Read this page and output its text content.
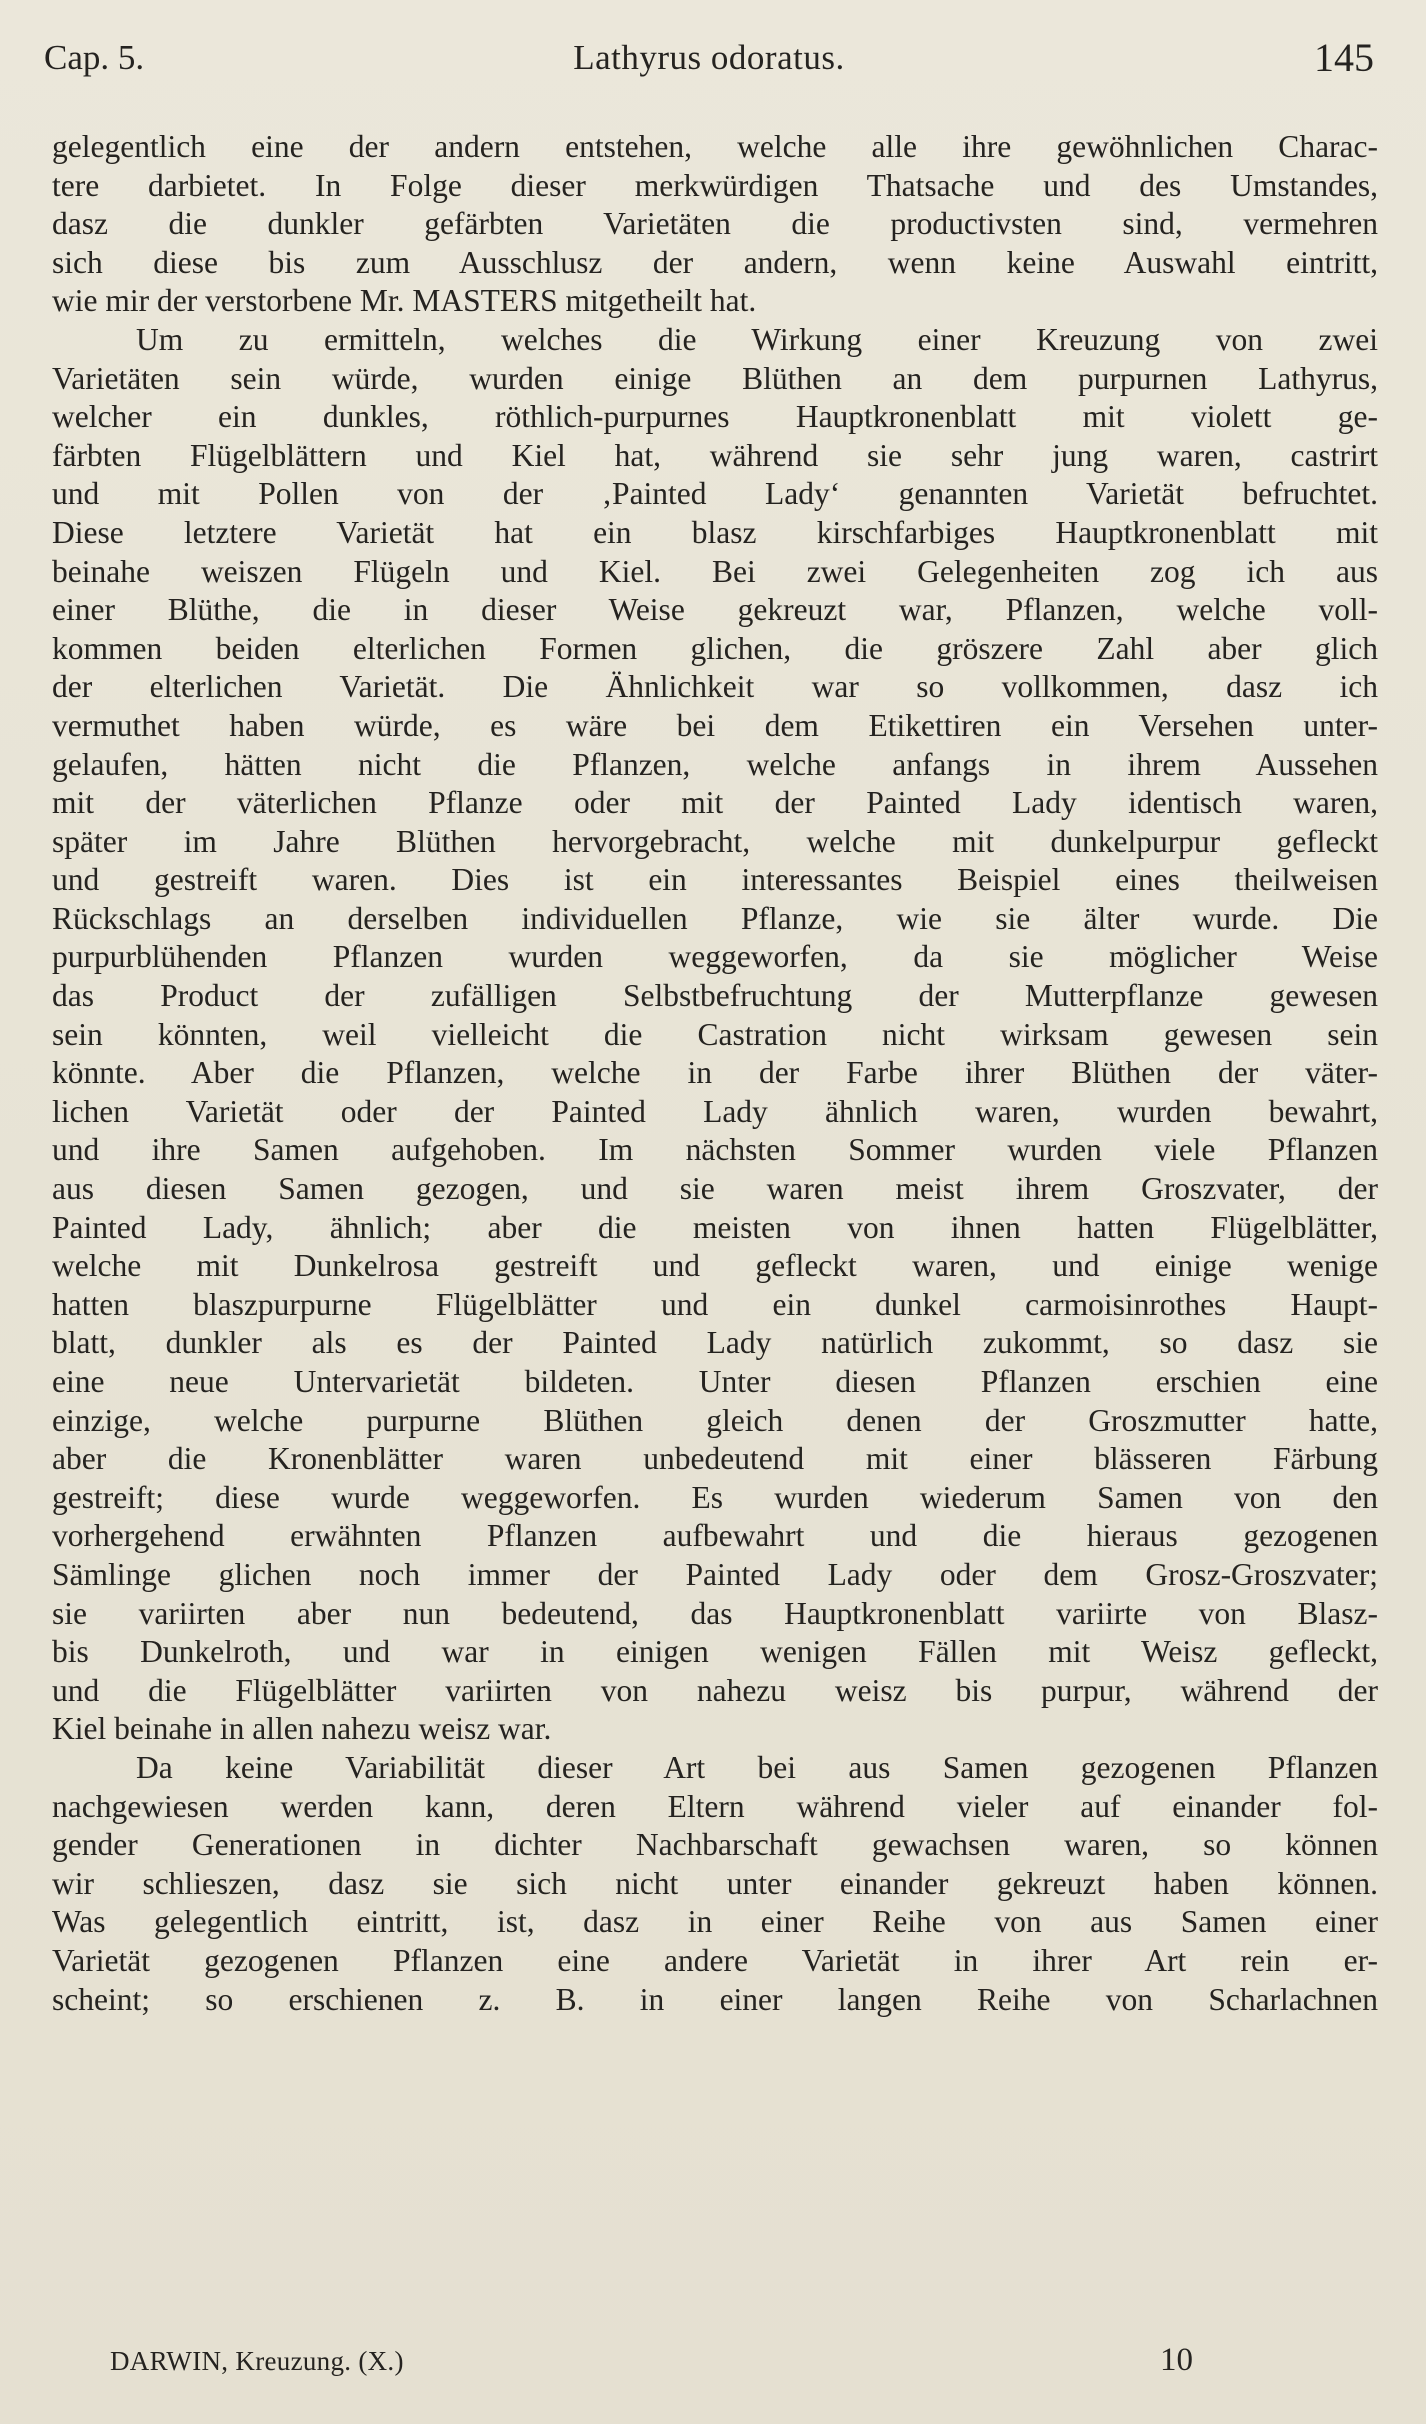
Cap. 5.	Lathyrus odoratus.	145
gelegentlich eine der andern entstehen, welche alle ihre gewöhnlichen Charac-
tere darbietet. In Folge dieser merkwürdigen Thatsache und des Umstandes,
dasz die dunkler gefärbten Varietäten die productivsten sind, vermehren
sich diese bis zum Ausschlusz der andern, wenn keine Auswahl eintritt,
wie mir der verstorbene Mr. MASTERS mitgetheilt hat.
Um zu ermitteln, welches die Wirkung einer Kreuzung von zwei
Varietäten sein würde, wurden einige Blüthen an dem purpurnen Lathyrus,
welcher ein dunkles, röthlich-purpurnes Hauptkronenblatt mit violett ge-
färbten Flügelblättern und Kiel hat, während sie sehr jung waren, castrirt
und mit Pollen von der ‚Painted Lady‘ genannten Varietät befruchtet.
Diese letztere Varietät hat ein blasz kirschfarbiges Hauptkronenblatt mit
beinahe weiszen Flügeln und Kiel. Bei zwei Gelegenheiten zog ich aus
einer Blüthe, die in dieser Weise gekreuzt war, Pflanzen, welche voll-
kommen beiden elterlichen Formen glichen, die gröszere Zahl aber glich
der elterlichen Varietät. Die Ähnlichkeit war so vollkommen, dasz ich
vermuthet haben würde, es wäre bei dem Etikettiren ein Versehen unter-
gelaufen, hätten nicht die Pflanzen, welche anfangs in ihrem Aussehen
mit der väterlichen Pflanze oder mit der Painted Lady identisch waren,
später im Jahre Blüthen hervorgebracht, welche mit dunkelpurpur gefleckt
und gestreift waren. Dies ist ein interessantes Beispiel eines theilweisen
Rückschlags an derselben individuellen Pflanze, wie sie älter wurde. Die
purpurblühenden Pflanzen wurden weggeworfen, da sie möglicher Weise
das Product der zufälligen Selbstbefruchtung der Mutterpflanze gewesen
sein könnten, weil vielleicht die Castration nicht wirksam gewesen sein
könnte. Aber die Pflanzen, welche in der Farbe ihrer Blüthen der väter-
lichen Varietät oder der Painted Lady ähnlich waren, wurden bewahrt,
und ihre Samen aufgehoben. Im nächsten Sommer wurden viele Pflanzen
aus diesen Samen gezogen, und sie waren meist ihrem Groszvater, der
Painted Lady, ähnlich; aber die meisten von ihnen hatten Flügelblätter,
welche mit Dunkelrosa gestreift und gefleckt waren, und einige wenige
hatten blaszpurpurne Flügelblätter und ein dunkel carmoisinrothes Haupt-
blatt, dunkler als es der Painted Lady natürlich zukommt, so dasz sie
eine neue Untervarietät bildeten. Unter diesen Pflanzen erschien eine
einzige, welche purpurne Blüthen gleich denen der Groszmutter hatte,
aber die Kronenblätter waren unbedeutend mit einer blässeren Färbung
gestreift; diese wurde weggeworfen. Es wurden wiederum Samen von den
vorhergehend erwähnten Pflanzen aufbewahrt und die hieraus gezogenen
Sämlinge glichen noch immer der Painted Lady oder dem Grosz-Groszvater;
sie variirten aber nun bedeutend, das Hauptkronenblatt variirte von Blasz-
bis Dunkelroth, und war in einigen wenigen Fällen mit Weisz gefleckt,
und die Flügelblätter variirten von nahezu weisz bis purpur, während der
Kiel beinahe in allen nahezu weisz war.
Da keine Variabilität dieser Art bei aus Samen gezogenen Pflanzen
nachgewiesen werden kann, deren Eltern während vieler auf einander fol-
gender Generationen in dichter Nachbarschaft gewachsen waren, so können
wir schlieszen, dasz sie sich nicht unter einander gekreuzt haben können.
Was gelegentlich eintritt, ist, dasz in einer Reihe von aus Samen einer
Varietät gezogenen Pflanzen eine andere Varietät in ihrer Art rein er-
scheint; so erschienen z. B. in einer langen Reihe von Scharlachnen
DARWIN, Kreuzung. (X.)	10
